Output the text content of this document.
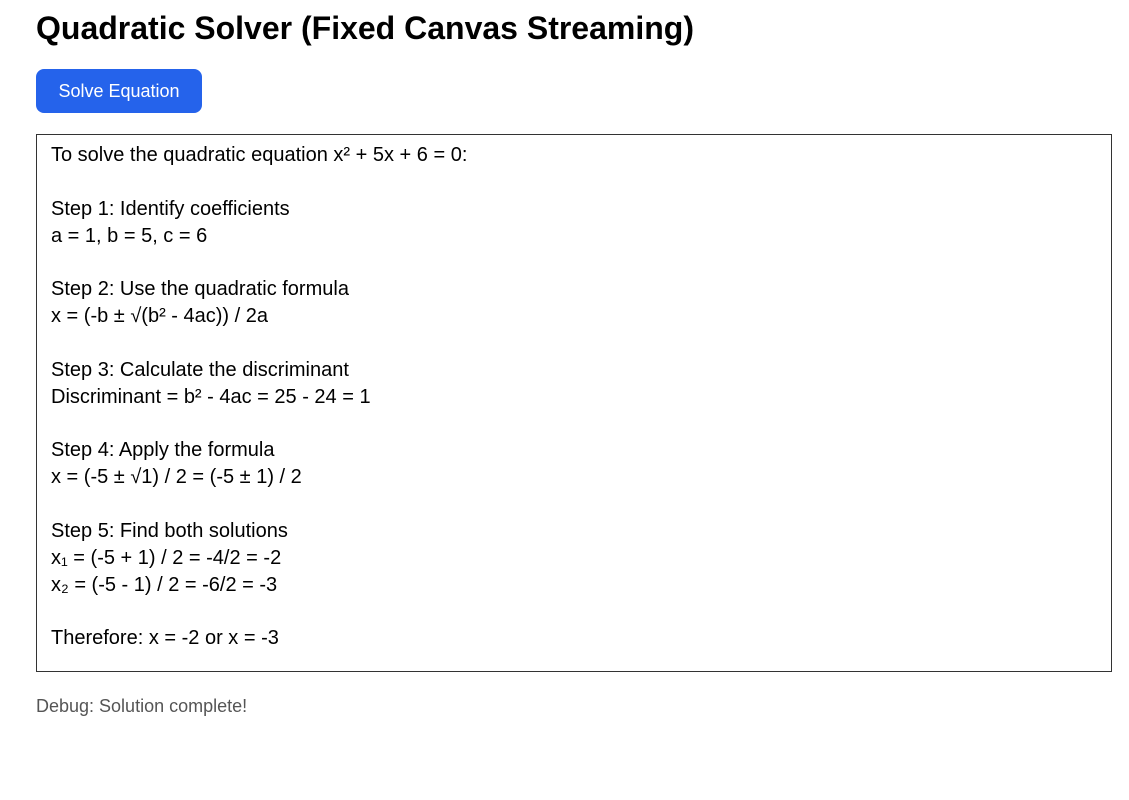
Quadratic Solver (Fixed Canvas Streaming)
Solve Equation
To solve the quadratic equation x² + 5x + 6 = 0:
Step 1: Identify coefficients
a = 1, b = 5, c = 6
Step 2: Use the quadratic formula
x = (-b ± √(b² - 4ac)) / 2a
Step 3: Calculate the discriminant
Discriminant = b² - 4ac = 25 - 24 = 1
Step 4: Apply the formula
x = (-5 ± √1) / 2 = (-5 ± 1) / 2
Step 5: Find both solutions
x₁ = (-5 + 1) / 2 = -4/2 = -2
x₂ = (-5 - 1) / 2 = -6/2 = -3
Therefore: x = -2 or x = -3
Debug: Solution complete!
